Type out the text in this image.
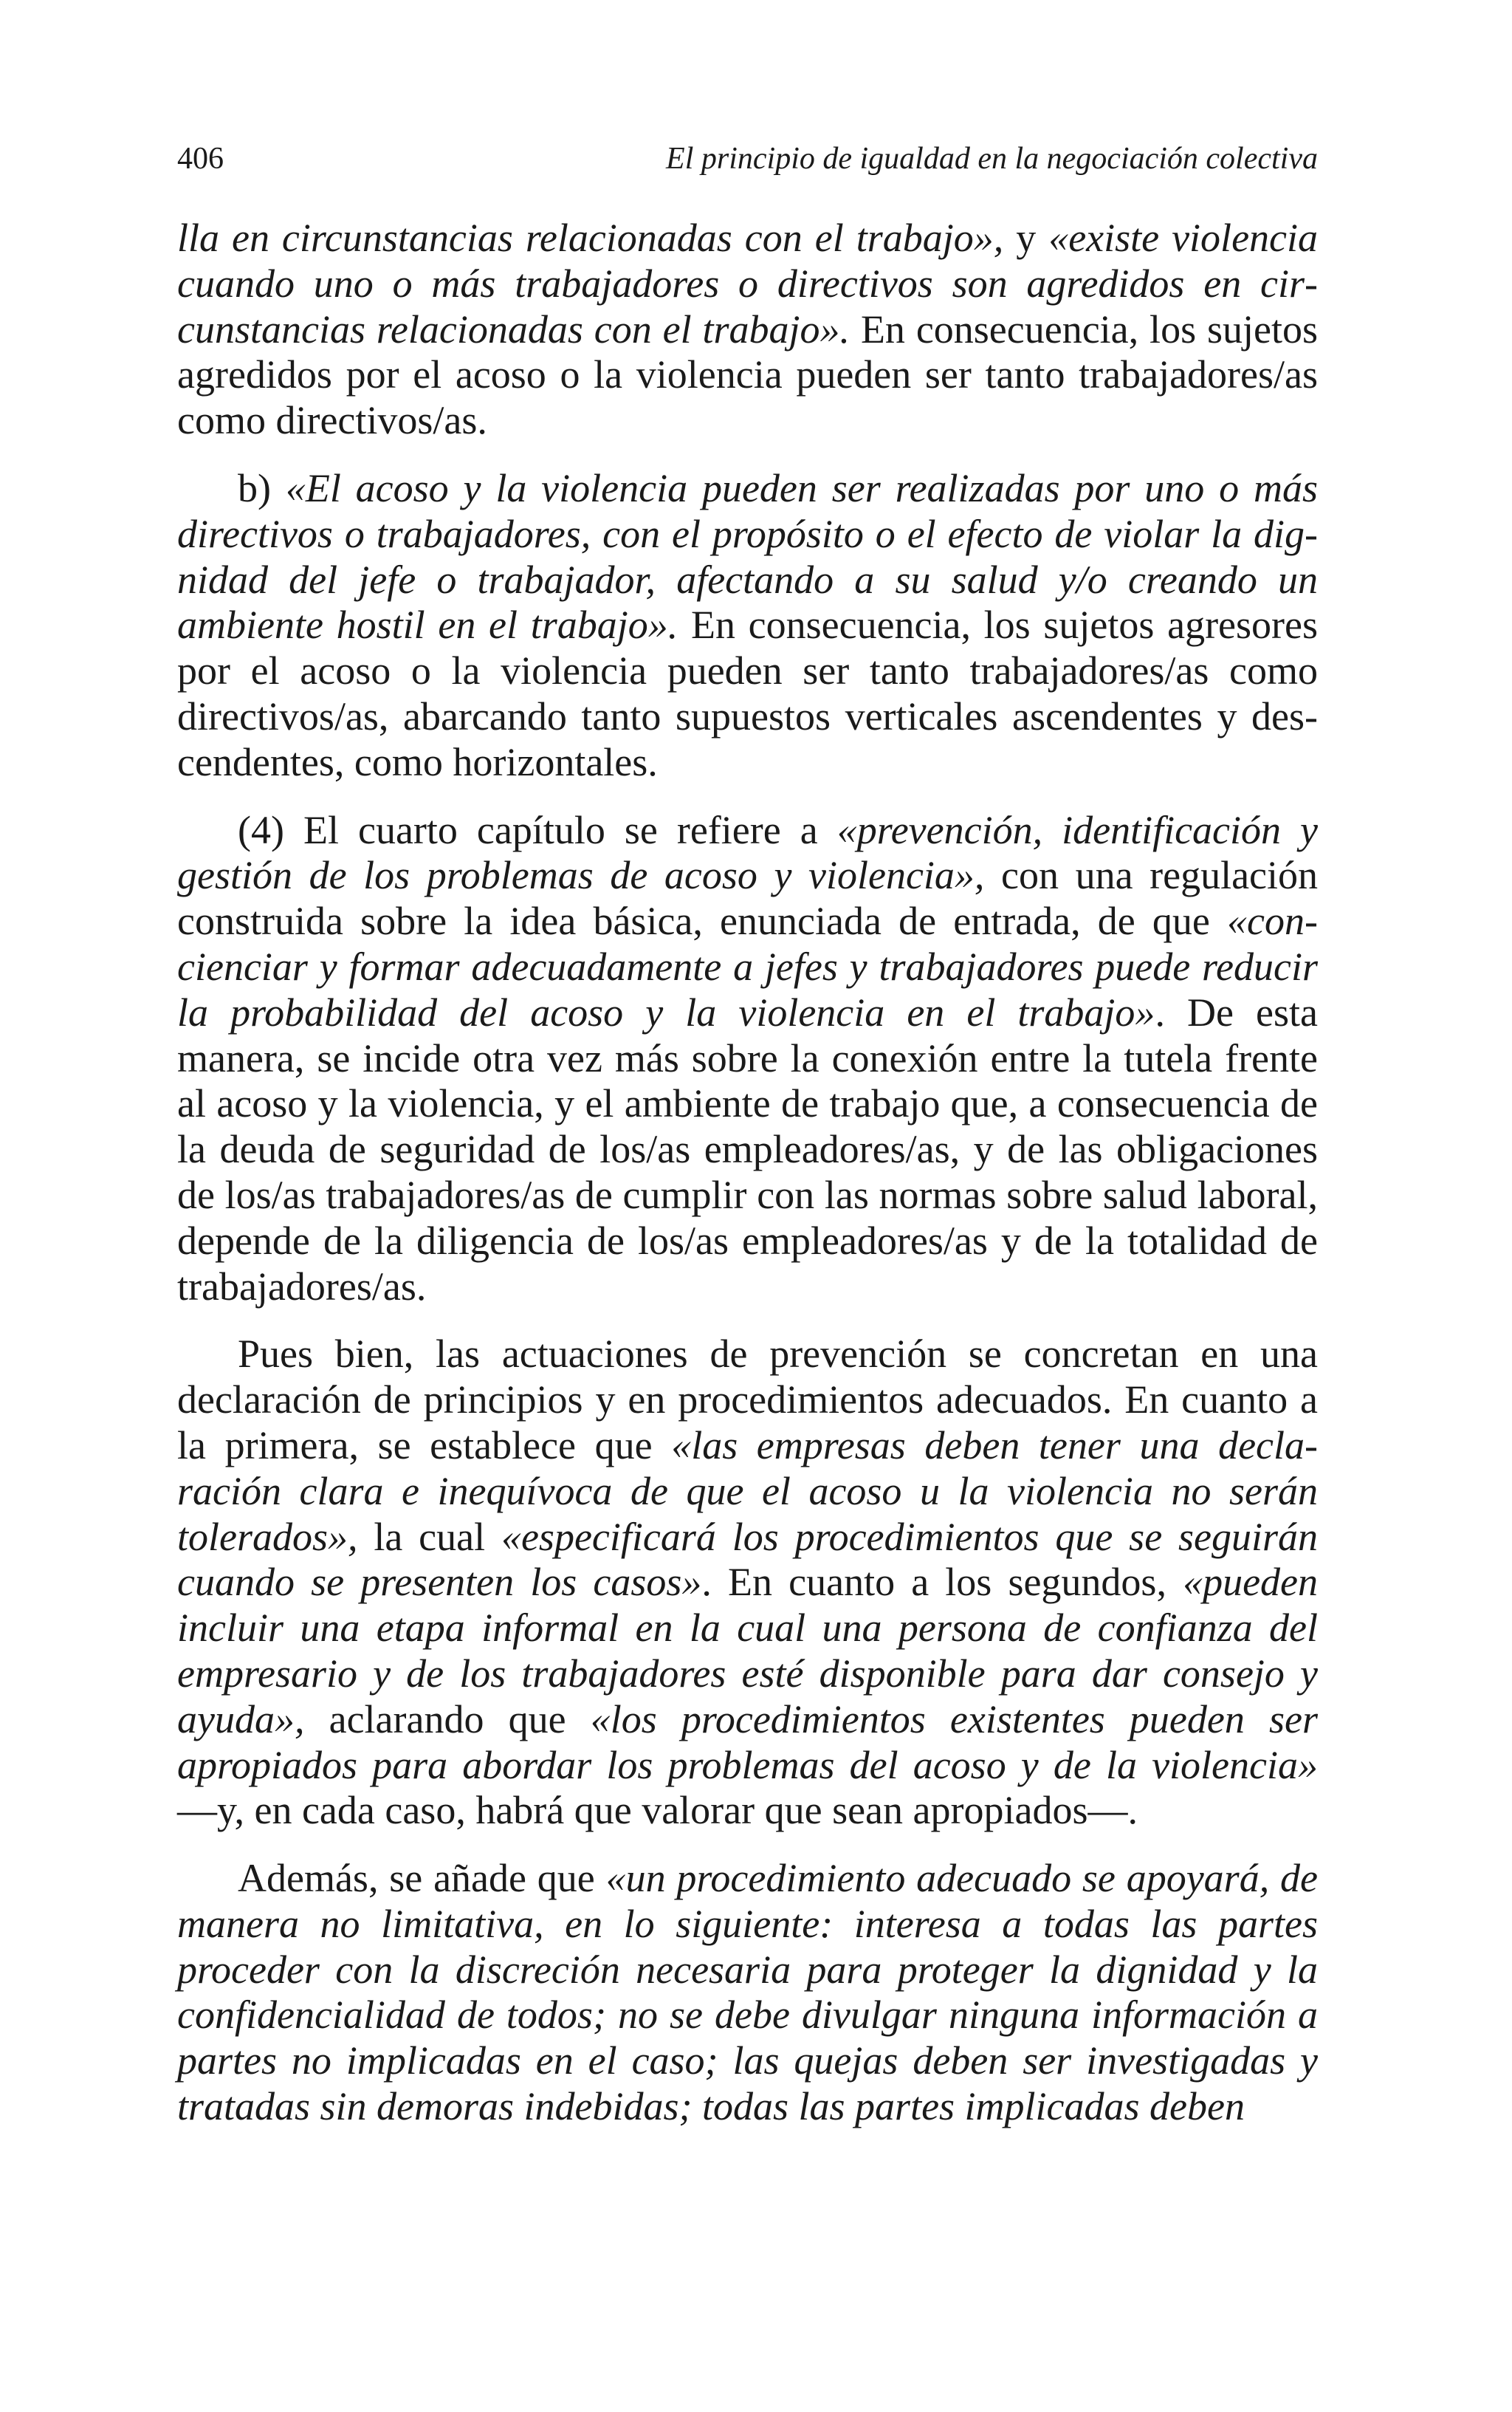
406	El principio de igualdad en la negociación colectiva

lla en circunstancias relacionadas con el trabajo», y «existe violencia cuando uno o más trabajadores o directivos son agredidos en circunstancias relacionadas con el trabajo». En consecuencia, los sujetos agredidos por el acoso o la violencia pueden ser tanto trabajadores/as como directivos/as.

b) «El acoso y la violencia pueden ser realizadas por uno o más directivos o trabajadores, con el propósito o el efecto de violar la dignidad del jefe o trabajador, afectando a su salud y/o creando un ambiente hostil en el trabajo». En consecuencia, los sujetos agresores por el acoso o la violencia pueden ser tanto trabajadores/as como directivos/as, abarcando tanto supuestos verticales ascendentes y descendentes, como horizontales.

(4) El cuarto capítulo se refiere a «prevención, identificación y gestión de los problemas de acoso y violencia», con una regulación construida sobre la idea básica, enunciada de entrada, de que «concienciar y formar adecuadamente a jefes y trabajadores puede reducir la probabilidad del acoso y la violencia en el trabajo». De esta manera, se incide otra vez más sobre la conexión entre la tutela frente al acoso y la violencia, y el ambiente de trabajo que, a consecuencia de la deuda de seguridad de los/as empleadores/as, y de las obligaciones de los/as trabajadores/as de cumplir con las normas sobre salud laboral, depende de la diligencia de los/as empleadores/as y de la totalidad de trabajadores/as.

Pues bien, las actuaciones de prevención se concretan en una declaración de principios y en procedimientos adecuados. En cuanto a la primera, se establece que «las empresas deben tener una declaración clara e inequívoca de que el acoso u la violencia no serán tolerados», la cual «especificará los procedimientos que se seguirán cuando se presenten los casos». En cuanto a los segundos, «pueden incluir una etapa informal en la cual una persona de confianza del empresario y de los trabajadores esté disponible para dar consejo y ayuda», aclarando que «los procedimientos existentes pueden ser apropiados para abordar los problemas del acoso y de la violencia» —y, en cada caso, habrá que valorar que sean apropiados—.

Además, se añade que «un procedimiento adecuado se apoyará, de manera no limitativa, en lo siguiente: interesa a todas las partes proceder con la discreción necesaria para proteger la dignidad y la confidencialidad de todos; no se debe divulgar ninguna información a partes no implicadas en el caso; las quejas deben ser investigadas y tratadas sin demoras indebidas; todas las partes implicadas deben
